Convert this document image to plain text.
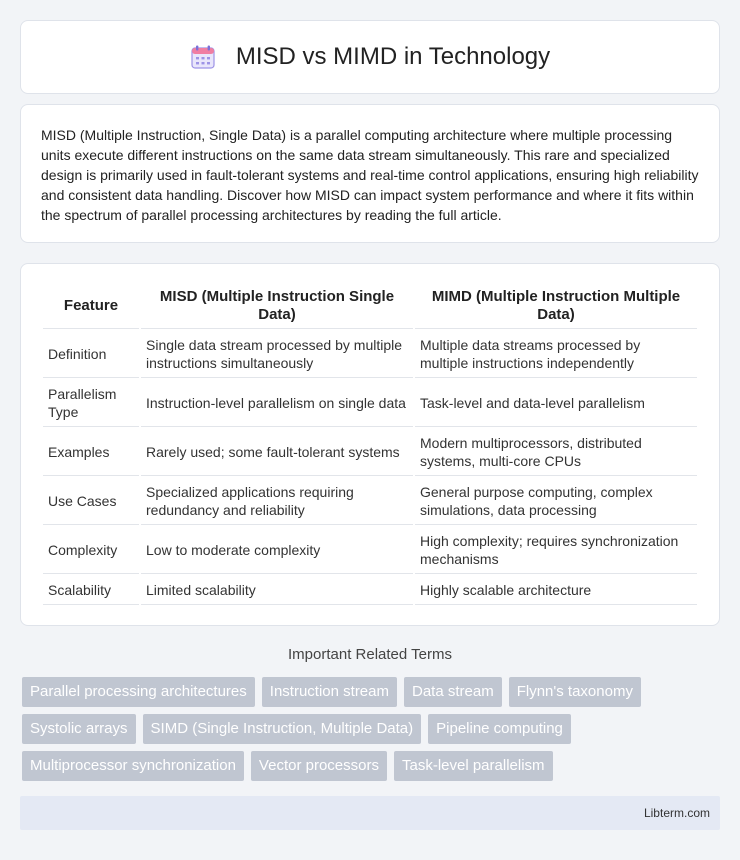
MISD vs MIMD in Technology

MISD (Multiple Instruction, Single Data) is a parallel computing architecture where multiple processing units execute different instructions on the same data stream simultaneously. This rare and specialized design is primarily used in fault-tolerant systems and real-time control applications, ensuring high reliability and consistent data handling. Discover how MISD can impact system performance and where it fits within the spectrum of parallel processing architectures by reading the full article.

Feature	MISD (Multiple Instruction Single Data)	MIMD (Multiple Instruction Multiple Data)
Definition	Single data stream processed by multiple instructions simultaneously	Multiple data streams processed by multiple instructions independently
Parallelism Type	Instruction-level parallelism on single data	Task-level and data-level parallelism
Examples	Rarely used; some fault-tolerant systems	Modern multiprocessors, distributed systems, multi-core CPUs
Use Cases	Specialized applications requiring redundancy and reliability	General purpose computing, complex simulations, data processing
Complexity	Low to moderate complexity	High complexity; requires synchronization mechanisms
Scalability	Limited scalability	Highly scalable architecture
Important Related Terms
Parallel processing architectures	Instruction stream	Data stream	Flynn's taxonomy
Systolic arrays	SIMD (Single Instruction, Multiple Data)	Pipeline computing
Multiprocessor synchronization	Vector processors	Task-level parallelism
Libterm.com
